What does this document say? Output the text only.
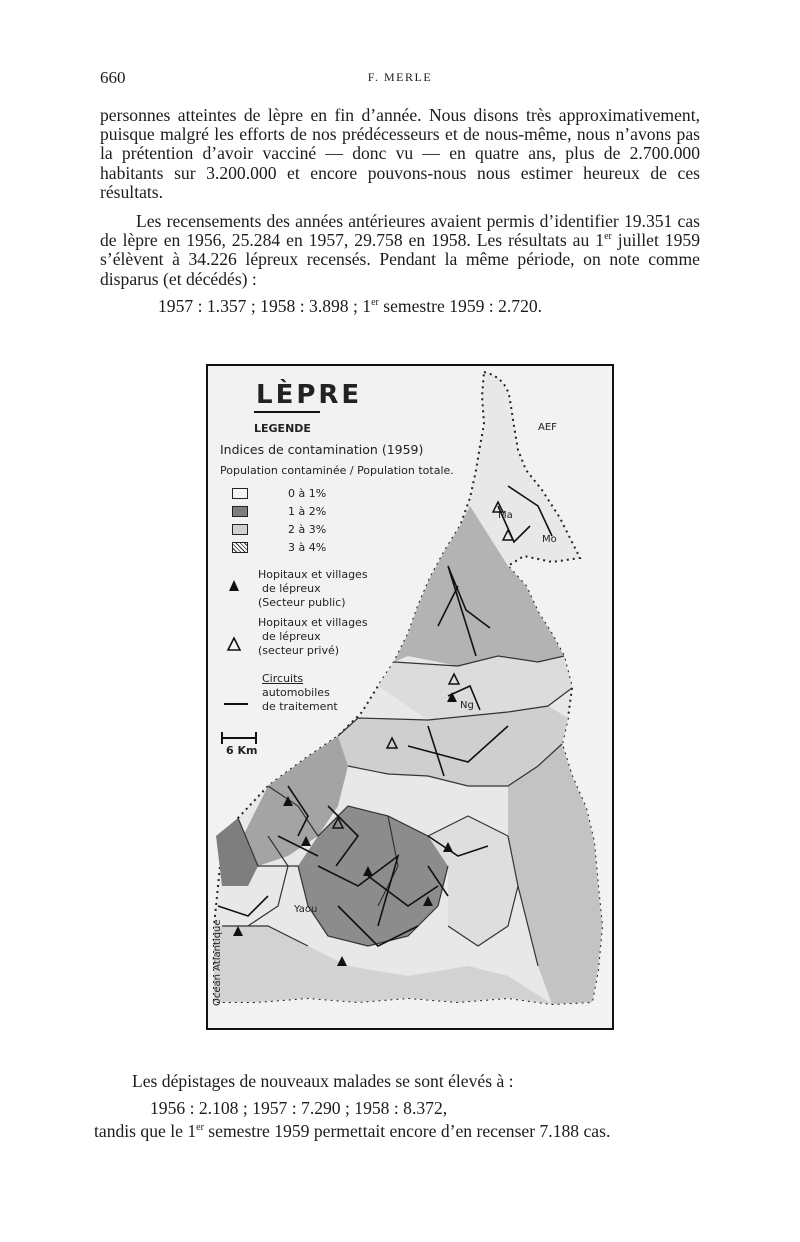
660	F. MERLE

personnes atteintes de lèpre en fin d’année. Nous disons très approximativement, puisque malgré les efforts de nos prédécesseurs et de nous-même, nous n’avons pas la prétention d’avoir vacciné — donc vu — en quatre ans, plus de 2.700.000 habitants sur 3.200.000 et encore pouvons-nous nous estimer heureux de ces résultats.

Les recensements des années antérieures avaient permis d’identifier 19.351 cas de lèpre en 1956, 25.284 en 1957, 29.758 en 1958. Les résultats au 1er juillet 1959 s’élèvent à 34.226 lépreux recensés. Pendant la même période, on note comme disparus (et décédés) :

1957 : 1.357 ; 1958 : 3.898 ; 1er semestre 1959 : 2.720.
LÈPRE
LEGENDE
Indices de contamination (1959)
Population contaminée / Population totale.
0 à 1%
1 à 2%
2 à 3%
3 à 4%
Hopitaux et villages
de lépreux
(Secteur public)
Hopitaux et villages
de lépreux
(secteur privé)
Circuits
automobiles
de traitement
6 Km
AEF
Ng
Ma
Mo
Yaou
Ocean Atlantique

Les dépistages de nouveaux malades se sont élevés à :

1956 : 2.108 ; 1957 : 7.290 ; 1958 : 8.372,

tandis que le 1er semestre 1959 permettait encore d’en recenser 7.188 cas.
